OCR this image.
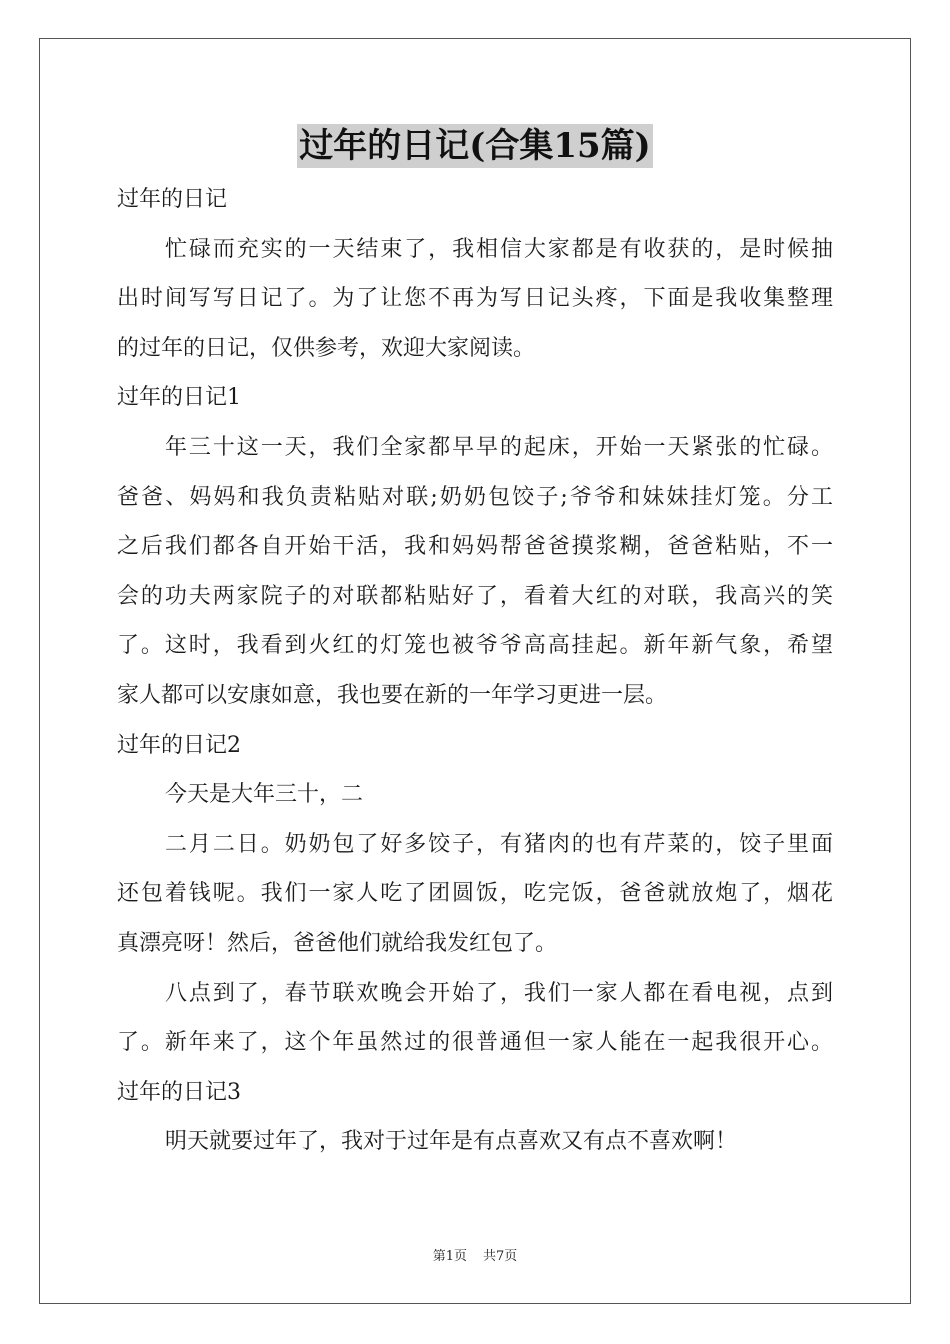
过年的日记(合集15篇)
过年的日记
忙碌而充实的一天结束了，我相信大家都是有收获的，是时候抽
出时间写写日记了。为了让您不再为写日记头疼，下面是我收集整理
的过年的日记，仅供参考，欢迎大家阅读。
过年的日记1
年三十这一天，我们全家都早早的起床，开始一天紧张的忙碌。
爸爸、妈妈和我负责粘贴对联;奶奶包饺子;爷爷和妹妹挂灯笼。分工
之后我们都各自开始干活，我和妈妈帮爸爸摸浆糊，爸爸粘贴，不一
会的功夫两家院子的对联都粘贴好了，看着大红的对联，我高兴的笑
了。这时，我看到火红的灯笼也被爷爷高高挂起。新年新气象，希望
家人都可以安康如意，我也要在新的一年学习更进一层。
过年的日记2
今天是大年三十，二
二月二日。奶奶包了好多饺子，有猪肉的也有芹菜的，饺子里面
还包着钱呢。我们一家人吃了团圆饭，吃完饭，爸爸就放炮了，烟花
真漂亮呀！然后，爸爸他们就给我发红包了。
八点到了，春节联欢晚会开始了，我们一家人都在看电视，点到
了。新年来了，这个年虽然过的很普通但一家人能在一起我很开心。
过年的日记3
明天就要过年了，我对于过年是有点喜欢又有点不喜欢啊！
第1页 共7页
